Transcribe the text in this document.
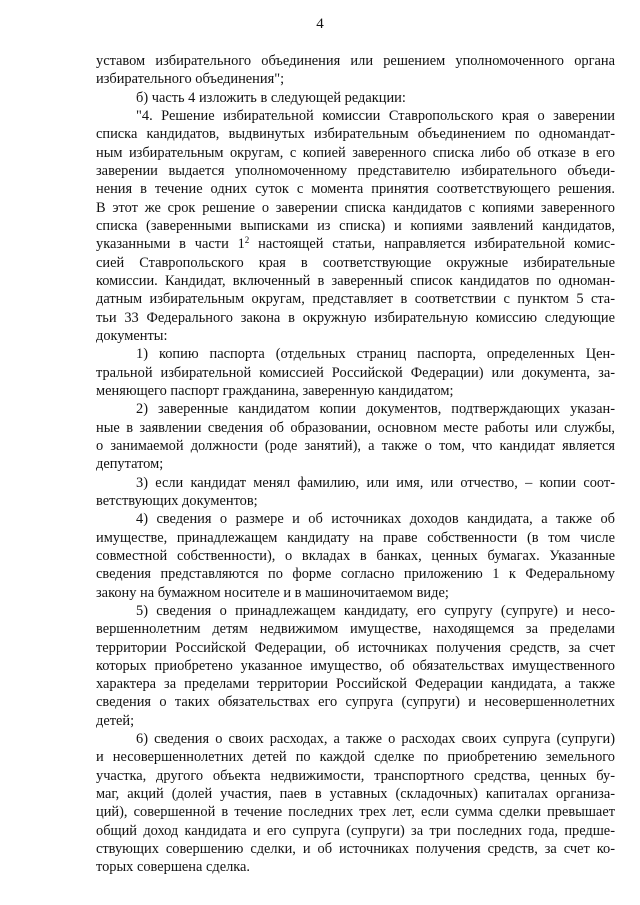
4
уставом избирательного объединения или решением уполномоченного органа
избирательного объединения";
б) часть 4 изложить в следующей редакции:
"4. Решение избирательной комиссии Ставропольского края о заверении
списка кандидатов, выдвинутых избирательным объединением по одномандат-
ным избирательным округам, с копией заверенного списка либо об отказе в его
заверении выдается уполномоченному представителю избирательного объеди-
нения в течение одних суток с момента принятия соответствующего решения.
В этот же срок решение о заверении списка кандидатов с копиями заверенного
списка (заверенными выписками из списка) и копиями заявлений кандидатов,
указанными в части $1^2$ настоящей статьи, направляется избирательной комис-
сией Ставропольского края в соответствующие окружные избирательные
комиссии. Кандидат, включенный в заверенный список кандидатов по одноман-
датным избирательным округам, представляет в соответствии с пунктом 5 ста-
тьи 33 Федерального закона в окружную избирательную комиссию следующие
документы:
1) копию паспорта (отдельных страниц паспорта, определенных Цен-
тральной избирательной комиссией Российской Федерации) или документа, за-
меняющего паспорт гражданина, заверенную кандидатом;
2) заверенные кандидатом копии документов, подтверждающих указан-
ные в заявлении сведения об образовании, основном месте работы или службы,
о занимаемой должности (роде занятий), а также о том, что кандидат является
депутатом;
3) если кандидат менял фамилию, или имя, или отчество, – копии соот-
ветствующих документов;
4) сведения о размере и об источниках доходов кандидата, а также об
имуществе, принадлежащем кандидату на праве собственности (в том числе
совместной собственности), о вкладах в банках, ценных бумагах. Указанные
сведения представляются по форме согласно приложению 1 к Федеральному
закону на бумажном носителе и в машиночитаемом виде;
5) сведения о принадлежащем кандидату, его супругу (супруге) и несо-
вершеннолетним детям недвижимом имуществе, находящемся за пределами
территории Российской Федерации, об источниках получения средств, за счет
которых приобретено указанное имущество, об обязательствах имущественного
характера за пределами территории Российской Федерации кандидата, а также
сведения о таких обязательствах его супруга (супруги) и несовершеннолетних
детей;
6) сведения о своих расходах, а также о расходах своих супруга (супруги)
и несовершеннолетних детей по каждой сделке по приобретению земельного
участка, другого объекта недвижимости, транспортного средства, ценных бу-
маг, акций (долей участия, паев в уставных (складочных) капиталах организа-
ций), совершенной в течение последних трех лет, если сумма сделки превышает
общий доход кандидата и его супруга (супруги) за три последних года, предше-
ствующих совершению сделки, и об источниках получения средств, за счет ко-
торых совершена сделка.
